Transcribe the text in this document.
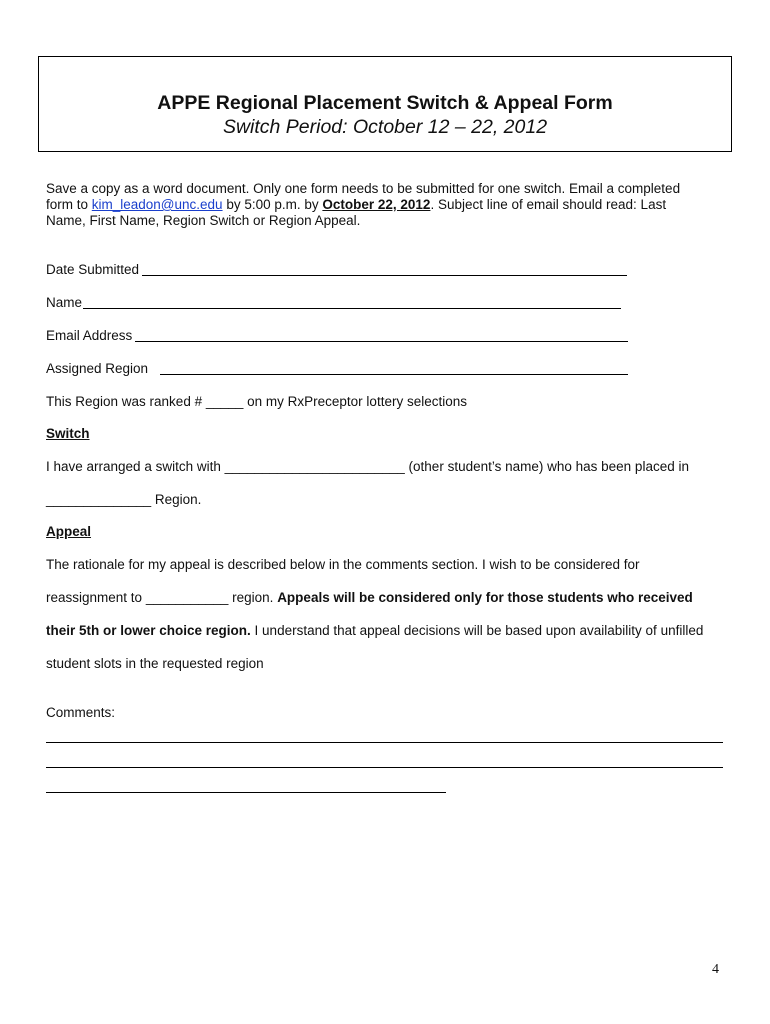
APPE Regional Placement Switch & Appeal Form
Switch Period: October 12 – 22, 2012
Save a copy as a word document. Only one form needs to be submitted for one switch. Email a completed
form to kim_leadon@unc.edu by 5:00 p.m. by October 22, 2012. Subject line of email should read: Last
Name, First Name, Region Switch or Region Appeal.
Date Submitted
Name
Email Address
Assigned Region
This Region was ranked # _____ on my RxPreceptor lottery selections
Switch
I have arranged a switch with ________________________ (other student’s name) who has been placed in
______________ Region.
Appeal
The rationale for my appeal is described below in the comments section. I wish to be considered for
reassignment to ___________ region. Appeals will be considered only for those students who received
their 5th or lower choice region. I understand that appeal decisions will be based upon availability of unfilled
student slots in the requested region
Comments:
4
